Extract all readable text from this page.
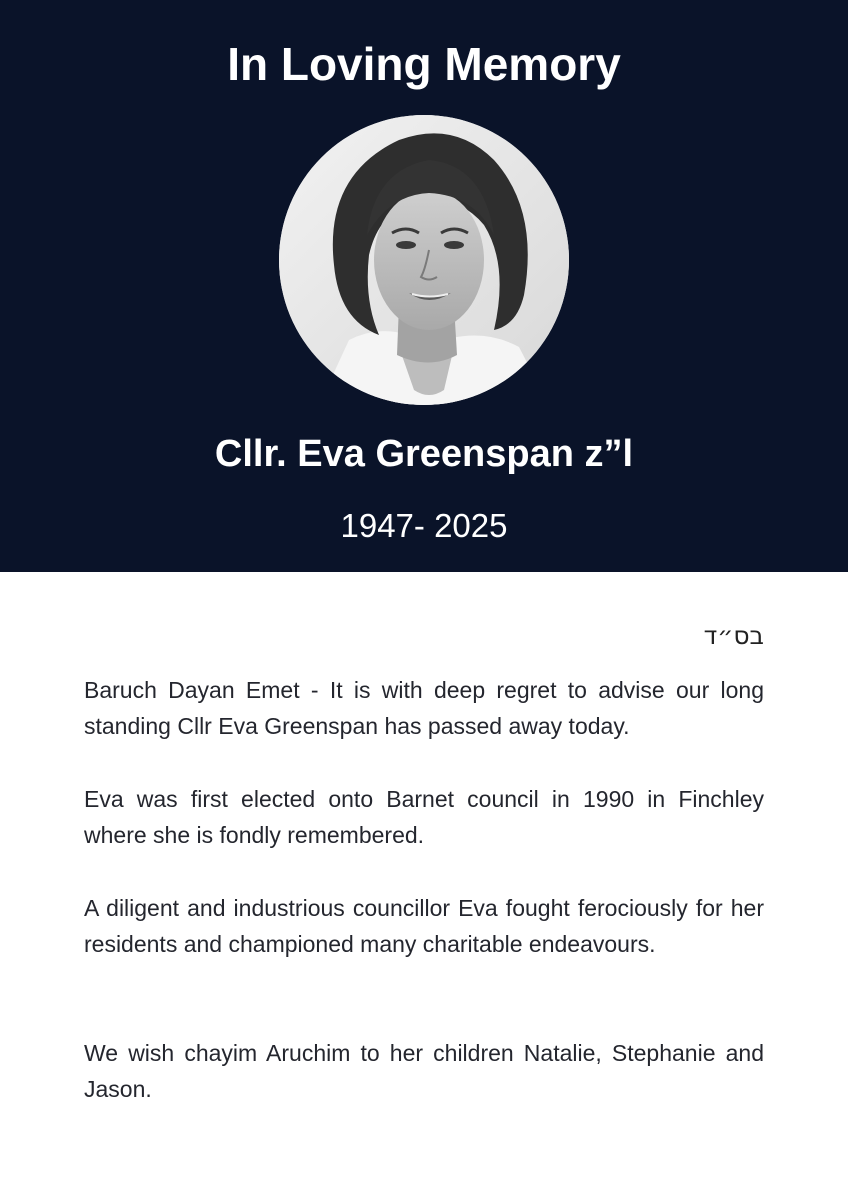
In Loving Memory
Cllr. Eva Greenspan z”l
1947- 2025
בס״ד

Baruch Dayan Emet - It is with deep regret to advise our long standing Cllr Eva Greenspan has passed away today.

Eva was first elected onto Barnet council in 1990 in Finchley where she is fondly remembered.

A diligent and industrious councillor Eva fought ferociously for her residents and championed many charitable endeavours.

We wish chayim Aruchim to her children Natalie, Stephanie and Jason.
